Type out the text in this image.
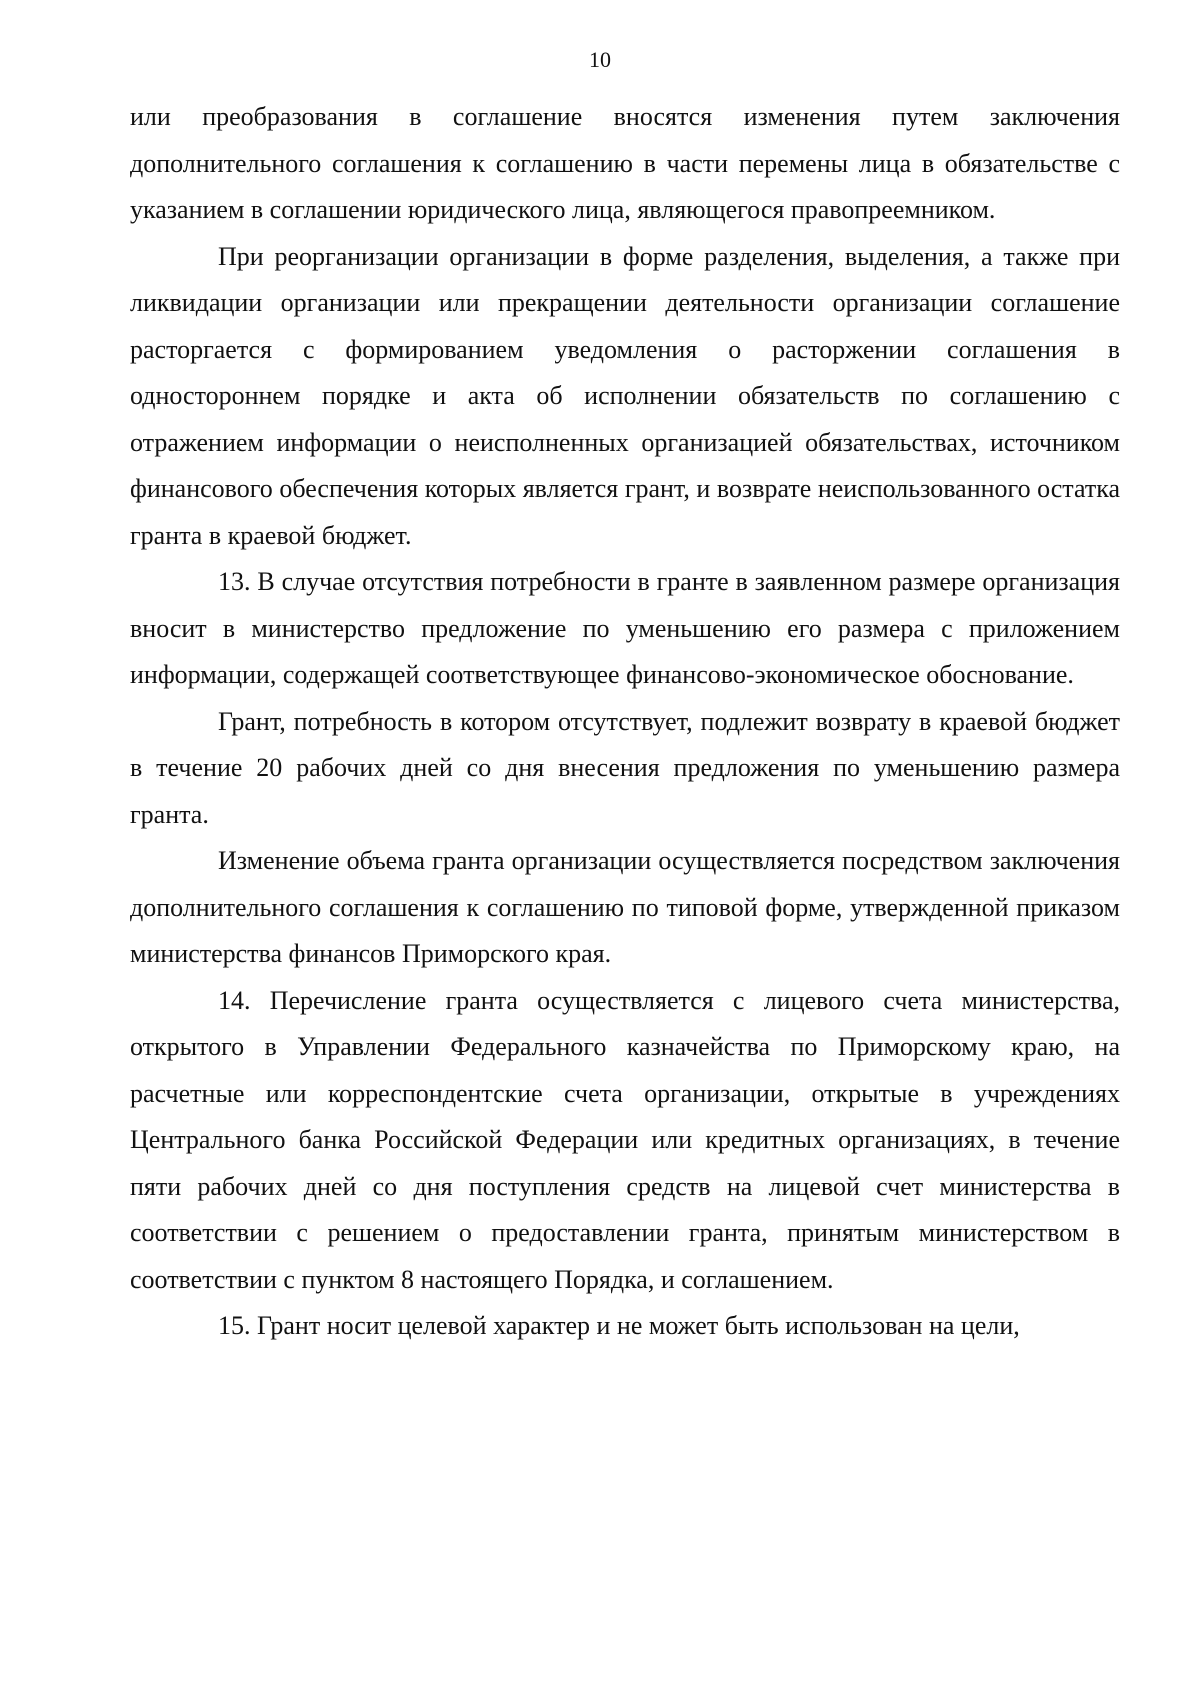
10

или преобразования в соглашение вносятся изменения путем заключения дополнительного соглашения к соглашению в части перемены лица в обязательстве с указанием в соглашении юридического лица, являющегося правопреемником.

При реорганизации организации в форме разделения, выделения, а также при ликвидации организации или прекращении деятельности организации соглашение расторгается с формированием уведомления о расторжении соглашения в одностороннем порядке и акта об исполнении обязательств по соглашению с отражением информации о неисполненных организацией обязательствах, источником финансового обеспечения которых является грант, и возврате неиспользованного остатка гранта в краевой бюджет.

13. В случае отсутствия потребности в гранте в заявленном размере организация вносит в министерство предложение по уменьшению его размера с приложением информации, содержащей соответствующее финансово-экономическое обоснование.

Грант, потребность в котором отсутствует, подлежит возврату в краевой бюджет в течение 20 рабочих дней со дня внесения предложения по уменьшению размера гранта.

Изменение объема гранта организации осуществляется посредством заключения дополнительного соглашения к соглашению по типовой форме, утвержденной приказом министерства финансов Приморского края.

14. Перечисление гранта осуществляется с лицевого счета министерства, открытого в Управлении Федерального казначейства по Приморскому краю, на расчетные или корреспондентские счета организации, открытые в учреждениях Центрального банка Российской Федерации или кредитных организациях, в течение пяти рабочих дней со дня поступления средств на лицевой счет министерства в соответствии с решением о предоставлении гранта, принятым министерством в соответствии с пунктом 8 настоящего Порядка, и соглашением.

15. Грант носит целевой характер и не может быть использован на цели,
